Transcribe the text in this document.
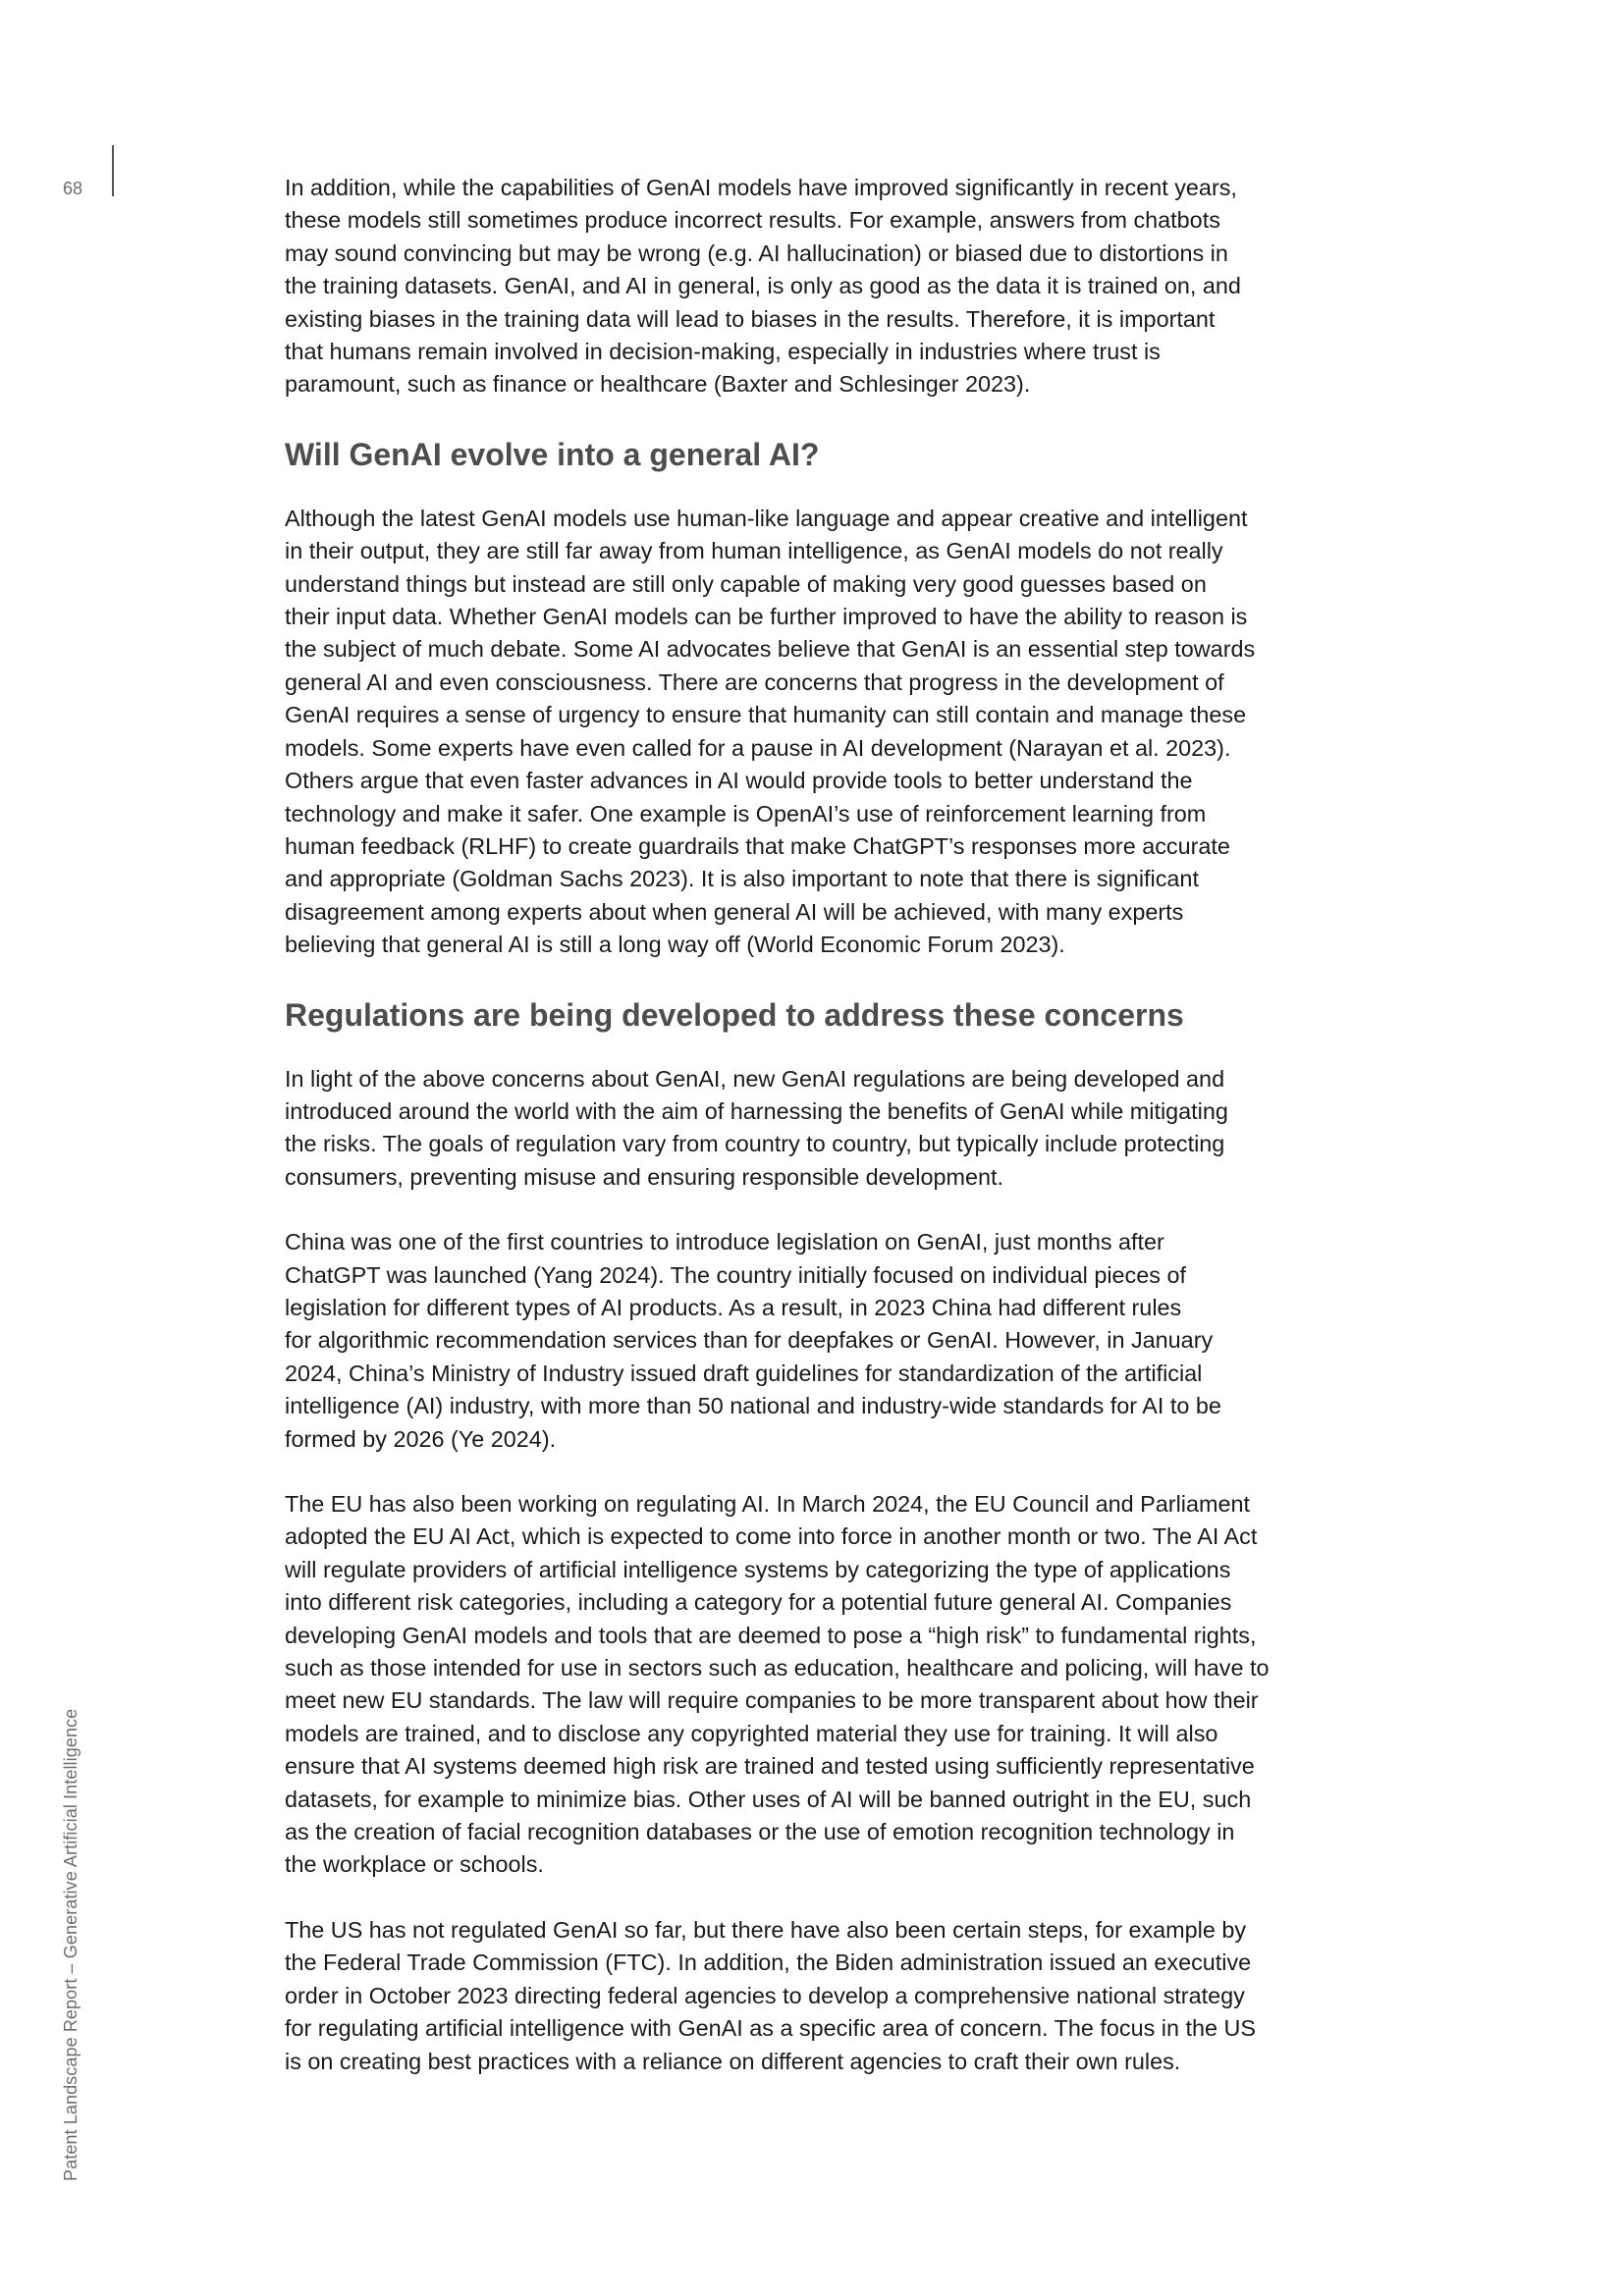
68
Patent Landscape Report – Generative Artificial Intelligence

In addition, while the capabilities of GenAI models have improved significantly in recent years,
these models still sometimes produce incorrect results. For example, answers from chatbots
may sound convincing but may be wrong (e.g. AI hallucination) or biased due to distortions in
the training datasets. GenAI, and AI in general, is only as good as the data it is trained on, and
existing biases in the training data will lead to biases in the results. Therefore, it is important
that humans remain involved in decision-making, especially in industries where trust is
paramount, such as finance or healthcare (Baxter and Schlesinger 2023).

Will GenAI evolve into a general AI?

Although the latest GenAI models use human-like language and appear creative and intelligent
in their output, they are still far away from human intelligence, as GenAI models do not really
understand things but instead are still only capable of making very good guesses based on
their input data. Whether GenAI models can be further improved to have the ability to reason is
the subject of much debate. Some AI advocates believe that GenAI is an essential step towards
general AI and even consciousness. There are concerns that progress in the development of
GenAI requires a sense of urgency to ensure that humanity can still contain and manage these
models. Some experts have even called for a pause in AI development (Narayan et al. 2023).
Others argue that even faster advances in AI would provide tools to better understand the
technology and make it safer. One example is OpenAI’s use of reinforcement learning from
human feedback (RLHF) to create guardrails that make ChatGPT’s responses more accurate
and appropriate (Goldman Sachs 2023). It is also important to note that there is significant
disagreement among experts about when general AI will be achieved, with many experts
believing that general AI is still a long way off (World Economic Forum 2023).

Regulations are being developed to address these concerns

In light of the above concerns about GenAI, new GenAI regulations are being developed and
introduced around the world with the aim of harnessing the benefits of GenAI while mitigating
the risks. The goals of regulation vary from country to country, but typically include protecting
consumers, preventing misuse and ensuring responsible development.

China was one of the first countries to introduce legislation on GenAI, just months after
ChatGPT was launched (Yang 2024). The country initially focused on individual pieces of
legislation for different types of AI products. As a result, in 2023 China had different rules
for algorithmic recommendation services than for deepfakes or GenAI. However, in January
2024, China’s Ministry of Industry issued draft guidelines for standardization of the artificial
intelligence (AI) industry, with more than 50 national and industry-wide standards for AI to be
formed by 2026 (Ye 2024).

The EU has also been working on regulating AI. In March 2024, the EU Council and Parliament
adopted the EU AI Act, which is expected to come into force in another month or two. The AI Act
will regulate providers of artificial intelligence systems by categorizing the type of applications
into different risk categories, including a category for a potential future general AI. Companies
developing GenAI models and tools that are deemed to pose a “high risk” to fundamental rights,
such as those intended for use in sectors such as education, healthcare and policing, will have to
meet new EU standards. The law will require companies to be more transparent about how their
models are trained, and to disclose any copyrighted material they use for training. It will also
ensure that AI systems deemed high risk are trained and tested using sufficiently representative
datasets, for example to minimize bias. Other uses of AI will be banned outright in the EU, such
as the creation of facial recognition databases or the use of emotion recognition technology in
the workplace or schools.

The US has not regulated GenAI so far, but there have also been certain steps, for example by
the Federal Trade Commission (FTC). In addition, the Biden administration issued an executive
order in October 2023 directing federal agencies to develop a comprehensive national strategy
for regulating artificial intelligence with GenAI as a specific area of concern. The focus in the US
is on creating best practices with a reliance on different agencies to craft their own rules.
